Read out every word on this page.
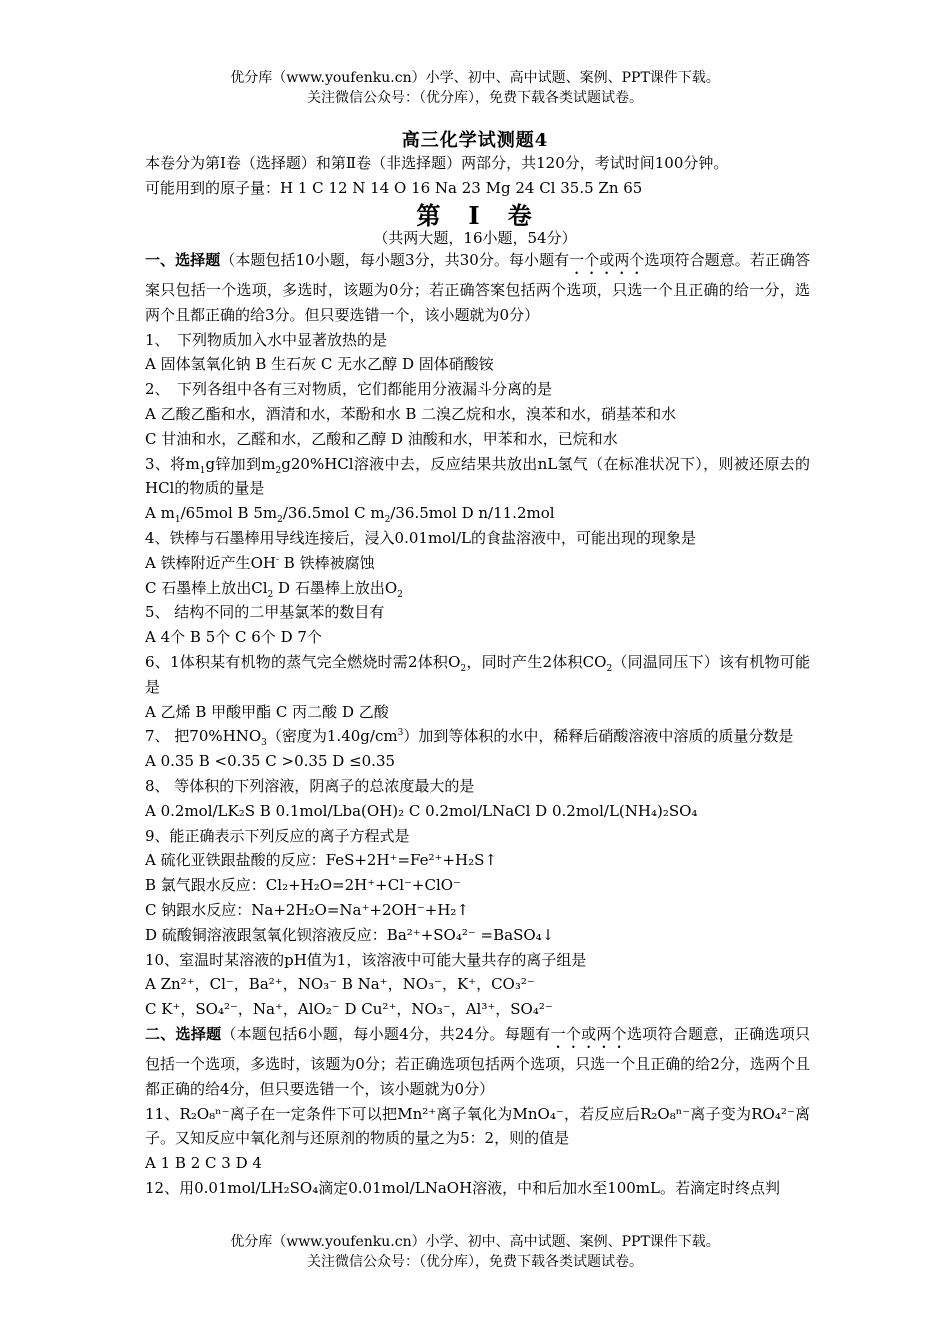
优分库（www.youfenku.cn）小学、初中、高中试题、案例、PPT课件下载。
关注微信公众号：（优分库），免费下载各类试题试卷。
高三化学试测题4

本卷分为第Ⅰ卷（选择题）和第Ⅱ卷（非选择题）两部分，共120分，考试时间100分钟。

可能用到的原子量：H 1 C 12 N 14 O 16 Na 23 Mg 24 Cl 35.5 Zn 65

第　Ⅰ　卷
（共两大题，16小题，54分）

一、选择题（本题包括10小题，每小题3分，共30分。每小题有一个或两个选项符合题意。若正确答案只包括一个选项，多选时，该题为0分；若正确答案包括两个选项，只选一个且正确的给一分，选两个且都正确的给3分。但只要选错一个，该小题就为0分）

1、　下列物质加入水中显著放热的是

A 固体氢氧化钠 B 生石灰 C 无水乙醇 D 固体硝酸铵

2、　下列各组中各有三对物质，它们都能用分液漏斗分离的是

A 乙酸乙酯和水，酒清和水，苯酚和水 B 二溴乙烷和水，溴苯和水，硝基苯和水

C 甘油和水，乙醛和水，乙酸和乙醇 D 油酸和水，甲苯和水，已烷和水

3、将$m_1g$锌加到$m_2g20\%HCl$溶液中去，反应结果共放出nL氢气（在标准状况下），则被还原去的HCl的物质的量是

A $m_1/65mol$ B $5m_2/36.5mol$ C $m_2/36.5mol$ D n/11.2mol

4、铁棒与石墨棒用导线连接后，浸入0.01mol/L的食盐溶液中，可能出现的现象是

A 铁棒附近产生OH- B 铁棒被腐蚀

C 石墨棒上放出$Cl_2$ D 石墨棒上放出$O_2$

5、 结构不同的二甲基氯苯的数目有

A 4个 B 5个 C 6个 D 7个

6、1体积某有机物的蒸气完全燃烧时需2体积$O_2$，同时产生2体积$CO_2$（同温同压下）该有机物可能是

A 乙烯 B 甲酸甲酯 C 丙二酸 D 乙酸

7、 把$70\%HNO_3$（密度为$1.40g/cm^3$）加到等体积的水中，稀释后硝酸溶液中溶质的质量分数是

A 0.35 B <0.35 C >0.35 D ≤0.35

8、 等体积的下列溶液，阴离子的总浓度最大的是

A 0.2mol/LK₂S B 0.1mol/Lba(OH)₂ C 0.2mol/LNaCl D 0.2mol/L(NH₄)₂SO₄

9、能正确表示下列反应的离子方程式是

A 硫化亚铁跟盐酸的反应：FeS+2H⁺=Fe²⁺+H₂S↑

B 氯气跟水反应：Cl₂+H₂O=2H⁺+Cl⁻+ClO⁻

C 钠跟水反应：Na+2H₂O=Na⁺+2OH⁻+H₂↑

D 硫酸铜溶液跟氢氧化钡溶液反应：Ba²⁺+SO₄²⁻ =BaSO₄↓

10、室温时某溶液的pH值为1，该溶液中可能大量共存的离子组是

A Zn²⁺，Cl⁻，Ba²⁺，NO₃⁻ B Na⁺，NO₃⁻，K⁺，CO₃²⁻

C K⁺，SO₄²⁻，Na⁺，AlO₂⁻ D Cu²⁺，NO₃⁻，Al³⁺，SO₄²⁻

二、选择题（本题包括6小题，每小题4分，共24分。每题有一个或两个选项符合题意，正确选项只包括一个选项，多选时，该题为0分；若正确选项包括两个选项，只选一个且正确的给2分，选两个且都正确的给4分，但只要选错一个，该小题就为0分）

11、R₂O₈ⁿ⁻离子在一定条件下可以把Mn²⁺离子氧化为MnO₄⁻，若反应后R₂O₈ⁿ⁻离子变为RO₄²⁻离子。又知反应中氧化剂与还原剂的物质的量之为5：2，则的值是

A 1 B 2 C 3 D 4

12、用0.01mol/LH₂SO₄滴定0.01mol/LNaOH溶液，中和后加水至100mL。若滴定时终点判

优分库（www.youfenku.cn）小学、初中、高中试题、案例、PPT课件下载。
关注微信公众号：（优分库），免费下载各类试题试卷。
